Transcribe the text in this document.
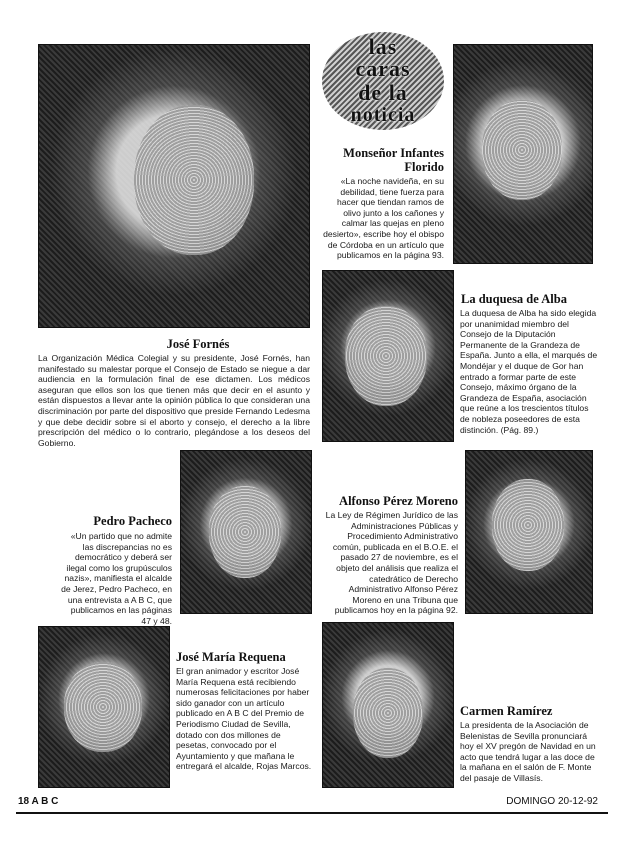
José Fornés

La Organización Médica Colegial y su presidente, José Fornés, han manifestado su malestar porque el Consejo de Estado se niegue a dar audiencia en la formulación final de ese dictamen. Los médicos aseguran que ellos son los que tienen más que decir en el asunto y están dispuestos a llevar ante la opinión pública lo que consideran una discriminación por parte del dispositivo que preside Fernando Ledesma y que debe decidir sobre si el aborto y consejo, el derecho a la libre prescripción del médico o lo contrario, plegándose a los deseos del Gobierno.

las
caras
de la
noticia
Monseñor Infantes
Florido

«La noche navideña, en su debilidad, tiene fuerza para hacer que tiendan ramos de olivo junto a los cañones y calmar las quejas en pleno desierto», escribe hoy el obispo de Córdoba en un artículo que publicamos en la página 93.

La duquesa de Alba

La duquesa de Alba ha sido elegida por unanimidad miembro del Consejo de la Diputación Permanente de la Grandeza de España. Junto a ella, el marqués de Mondéjar y el duque de Gor han entrado a formar parte de este Consejo, máximo órgano de la Grandeza de España, asociación que reúne a los trescientos títulos de nobleza poseedores de esta distinción. (Pág. 89.)

Pedro Pacheco

«Un partido que no admite las discrepancias no es democrático y deberá ser ilegal como los grupúsculos nazis», manifiesta el alcalde de Jerez, Pedro Pacheco, en una entrevista a A B C, que publicamos en las páginas 47 y 48.

Alfonso Pérez Moreno

La Ley de Régimen Jurídico de las Administraciones Públicas y Procedimiento Administrativo común, publicada en el B.O.E. el pasado 27 de noviembre, es el objeto del análisis que realiza el catedrático de Derecho Administrativo Alfonso Pérez Moreno en una Tribuna que publicamos hoy en la página 92.

José María Requena

El gran animador y escritor José María Requena está recibiendo numerosas felicitaciones por haber sido ganador con un artículo publicado en A B C del Premio de Periodismo Ciudad de Sevilla, dotado con dos millones de pesetas, convocado por el Ayuntamiento y que mañana le entregará el alcalde, Rojas Marcos.

Carmen Ramírez

La presidenta de la Asociación de Belenistas de Sevilla pronunciará hoy el XV pregón de Navidad en un acto que tendrá lugar a las doce de la mañana en el salón de F. Monte del pasaje de Villasís.

18 A B C	DOMINGO 20-12-92
